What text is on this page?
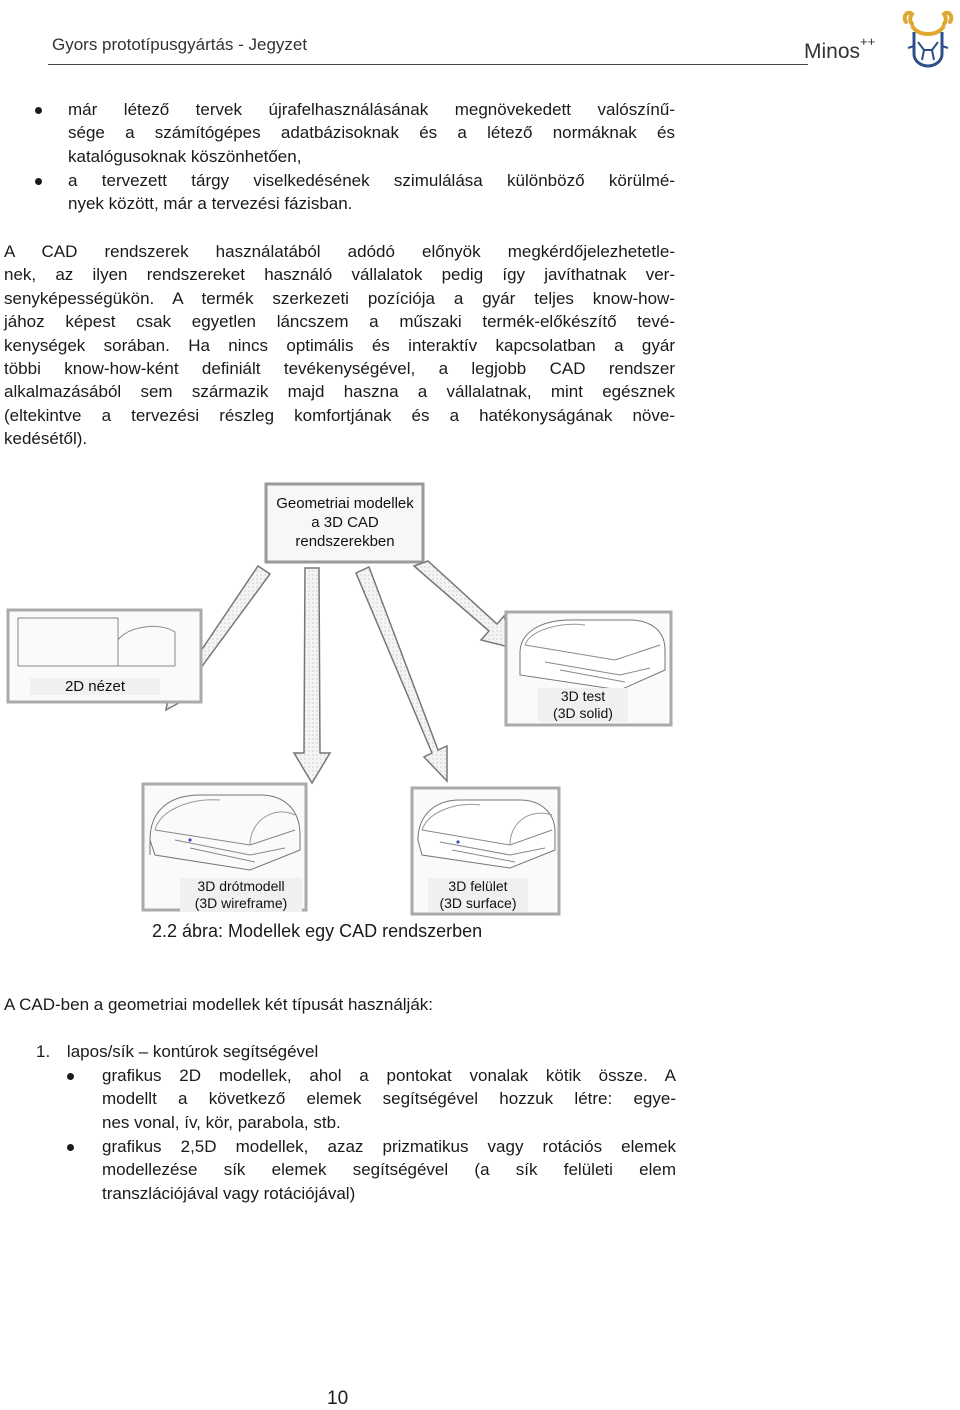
Gyors prototípusgyártás - Jegyzet	Minos++
már létező tervek újrafelhasználásának megnövekedett valószínű-
sége a számítógépes adatbázisoknak és a létező normáknak és
katalógusoknak köszönhetően,
a tervezett tárgy viselkedésének szimulálása különböző körülmé-
nyek között, már a tervezési fázisban.
A CAD rendszerek használatából adódó előnyök megkérdőjelezhetetle-
nek, az ilyen rendszereket használó vállalatok pedig így javíthatnak ver-
senyképességükön. A termék szerkezeti pozíciója a gyár teljes know-how-
jához képest csak egyetlen láncszem a műszaki termék-előkészítő tevé-
kenységek sorában. Ha nincs optimális és interaktív kapcsolatban a gyár
többi know-how-ként definiált tevékenységével, a legjobb CAD rendszer
alkalmazásából sem származik majd haszna a vállalatnak, mint egésznek
(eltekintve a tervezési részleg komfortjának és a hatékonyságának növe-
kedésétől).
Geometriai modellek
a 3D CAD
rendszerekben
2D nézet
3D test
(3D solid)
3D drótmodell
(3D wireframe)
3D felület
(3D surface)
2.2 ábra: Modellek egy CAD rendszerben
A CAD-ben a geometriai modellek két típusát használják:
1. lapos/sík – kontúrok segítségével
grafikus 2D modellek, ahol a pontokat vonalak kötik össze. A
modellt a következő elemek segítségével hozzuk létre: egye-
nes vonal, ív, kör, parabola, stb.
grafikus 2,5D modellek, azaz prizmatikus vagy rotációs elemek
modellezése sík elemek segítségével (a sík felületi elem
transzlációjával vagy rotációjával)
10
